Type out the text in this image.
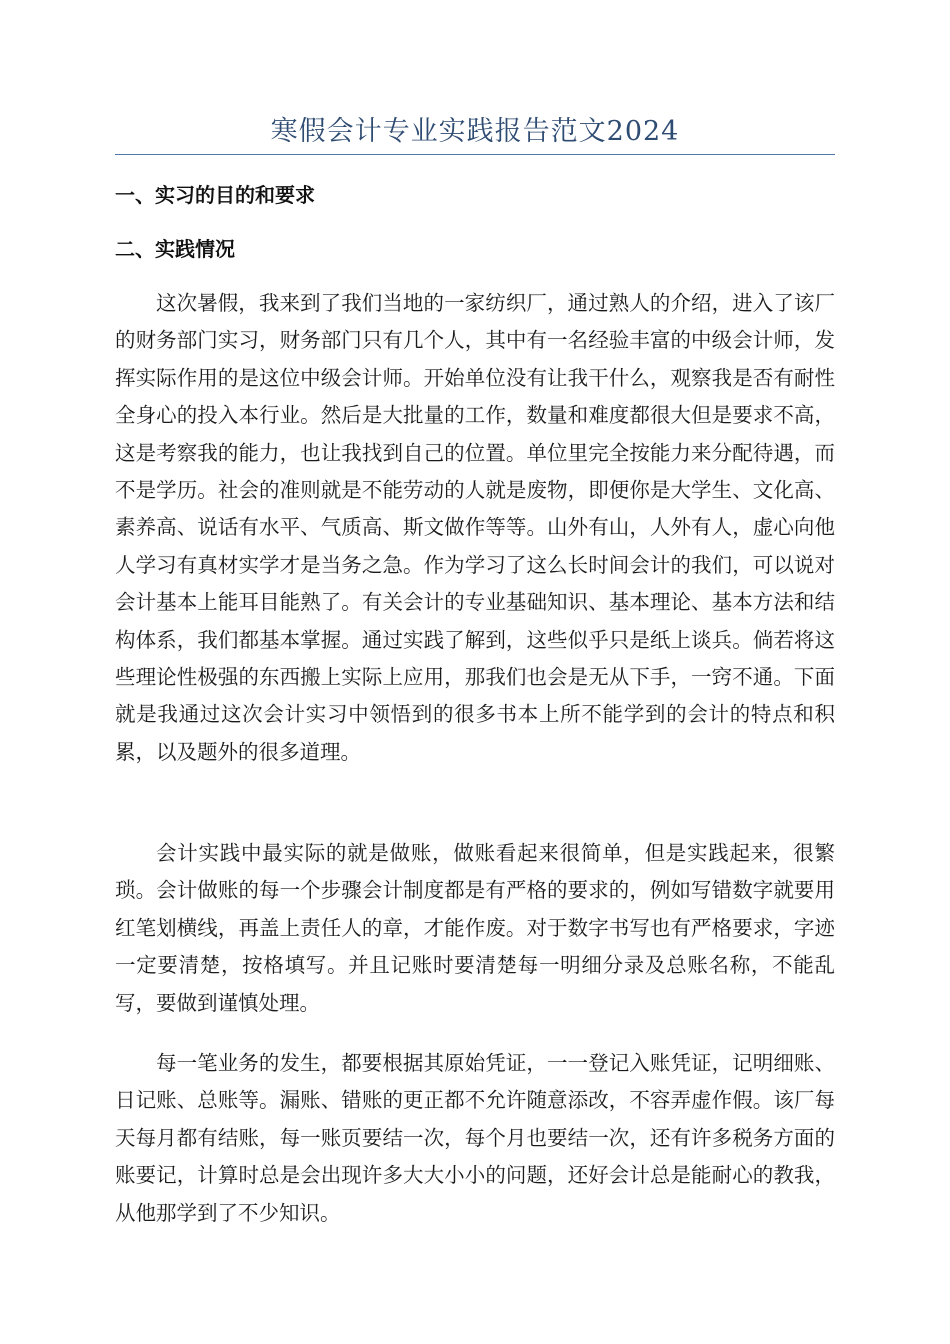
寒假会计专业实践报告范文2024
一、实习的目的和要求
二、实践情况

这次暑假，我来到了我们当地的一家纺织厂，通过熟人的介绍，进入了该厂的财务部门实习，财务部门只有几个人，其中有一名经验丰富的中级会计师，发挥实际作用的是这位中级会计师。开始单位没有让我干什么，观察我是否有耐性全身心的投入本行业。然后是大批量的工作，数量和难度都很大但是要求不高，这是考察我的能力，也让我找到自己的位置。单位里完全按能力来分配待遇，而不是学历。社会的准则就是不能劳动的人就是废物，即便你是大学生、文化高、素养高、说话有水平、气质高、斯文做作等等。山外有山，人外有人，虚心向他人学习有真材实学才是当务之急。作为学习了这么长时间会计的我们，可以说对会计基本上能耳目能熟了。有关会计的专业基础知识、基本理论、基本方法和结构体系，我们都基本掌握。通过实践了解到，这些似乎只是纸上谈兵。倘若将这些理论性极强的东西搬上实际上应用，那我们也会是无从下手，一窍不通。下面就是我通过这次会计实习中领悟到的很多书本上所不能学到的会计的特点和积累，以及题外的很多道理。

会计实践中最实际的就是做账，做账看起来很简单，但是实践起来，很繁琐。会计做账的每一个步骤会计制度都是有严格的要求的，例如写错数字就要用红笔划横线，再盖上责任人的章，才能作废。对于数字书写也有严格要求，字迹一定要清楚，按格填写。并且记账时要清楚每一明细分录及总账名称，不能乱写，要做到谨慎处理。

每一笔业务的发生，都要根据其原始凭证，一一登记入账凭证，记明细账、日记账、总账等。漏账、错账的更正都不允许随意添改，不容弄虚作假。该厂每天每月都有结账，每一账页要结一次，每个月也要结一次，还有许多税务方面的账要记，计算时总是会出现许多大大小小的问题，还好会计总是能耐心的教我，从他那学到了不少知识。
